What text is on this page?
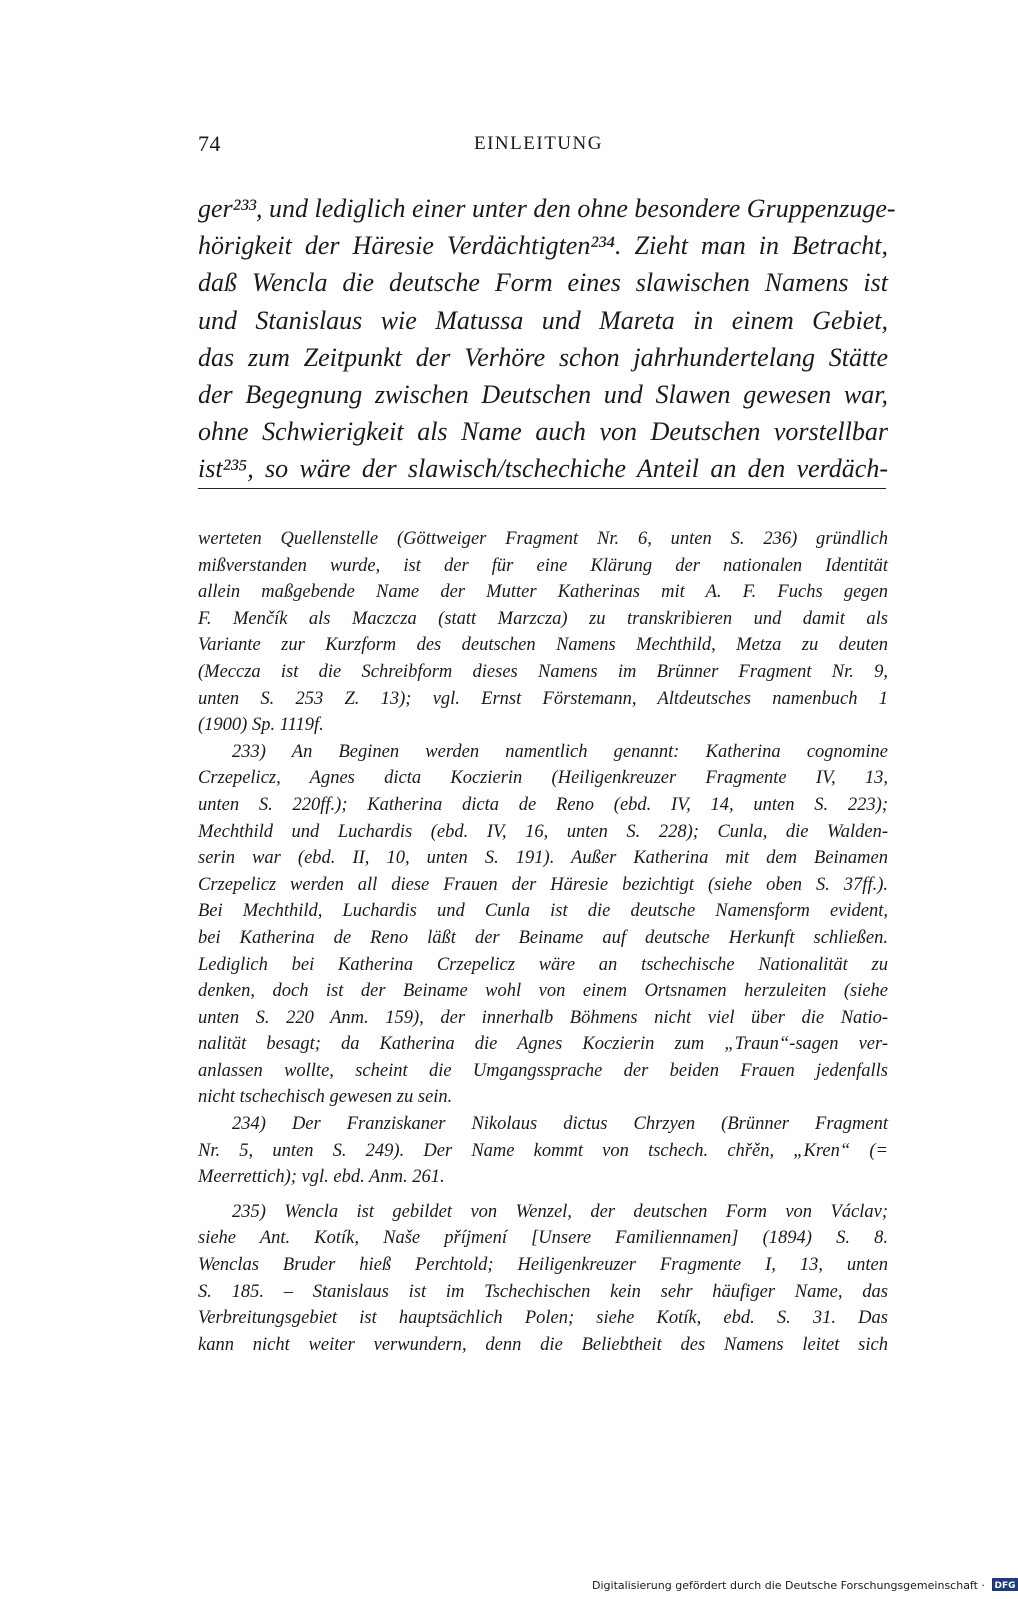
74	EINLEITUNG
ger²³³, und lediglich einer unter den ohne besondere Gruppenzuge-
hörigkeit der Häresie Verdächtigten²³⁴. Zieht man in Betracht,
daß Wencla die deutsche Form eines slawischen Namens ist
und Stanislaus wie Matussa und Mareta in einem Gebiet,
das zum Zeitpunkt der Verhöre schon jahrhundertelang Stätte
der Begegnung zwischen Deutschen und Slawen gewesen war,
ohne Schwierigkeit als Name auch von Deutschen vorstellbar
ist²³⁵, so wäre der slawisch/tschechiche Anteil an den verdäch-
werteten Quellenstelle (Göttweiger Fragment Nr. 6, unten S. 236) gründlich
mißverstanden wurde, ist der für eine Klärung der nationalen Identität
allein maßgebende Name der Mutter Katherinas mit A. F. Fuchs gegen
F. Menčík als Maczcza (statt Marzcza) zu transkribieren und damit als
Variante zur Kurzform des deutschen Namens Mechthild, Metza zu deuten
(Meccza ist die Schreibform dieses Namens im Brünner Fragment Nr. 9,
unten S. 253 Z. 13); vgl. Ernst Förstemann, Altdeutsches namenbuch 1
(1900) Sp. 1119f.
233) An Beginen werden namentlich genannt: Katherina cognomine
Crzepelicz, Agnes dicta Koczierin (Heiligenkreuzer Fragmente IV, 13,
unten S. 220ff.); Katherina dicta de Reno (ebd. IV, 14, unten S. 223);
Mechthild und Luchardis (ebd. IV, 16, unten S. 228); Cunla, die Walden-
serin war (ebd. II, 10, unten S. 191). Außer Katherina mit dem Beinamen
Crzepelicz werden all diese Frauen der Häresie bezichtigt (siehe oben S. 37ff.).
Bei Mechthild, Luchardis und Cunla ist die deutsche Namensform evident,
bei Katherina de Reno läßt der Beiname auf deutsche Herkunft schließen.
Lediglich bei Katherina Crzepelicz wäre an tschechische Nationalität zu
denken, doch ist der Beiname wohl von einem Ortsnamen herzuleiten (siehe
unten S. 220 Anm. 159), der innerhalb Böhmens nicht viel über die Natio-
nalität besagt; da Katherina die Agnes Koczierin zum „Traun“-sagen ver-
anlassen wollte, scheint die Umgangssprache der beiden Frauen jedenfalls
nicht tschechisch gewesen zu sein.
234) Der Franziskaner Nikolaus dictus Chrzyen (Brünner Fragment
Nr. 5, unten S. 249). Der Name kommt von tschech. chřěn, „Kren“ (=
Meerrettich); vgl. ebd. Anm. 261.
235) Wencla ist gebildet von Wenzel, der deutschen Form von Václav;
siehe Ant. Kotík, Naše příjmení [Unsere Familiennamen] (1894) S. 8.
Wenclas Bruder hieß Perchtold; Heiligenkreuzer Fragmente I, 13, unten
S. 185. – Stanislaus ist im Tschechischen kein sehr häufiger Name, das
Verbreitungsgebiet ist hauptsächlich Polen; siehe Kotík, ebd. S. 31. Das
kann nicht weiter verwundern, denn die Beliebtheit des Namens leitet sich
Digitalisierung gefördert durch die Deutsche Forschungsgemeinschaft · DFG
